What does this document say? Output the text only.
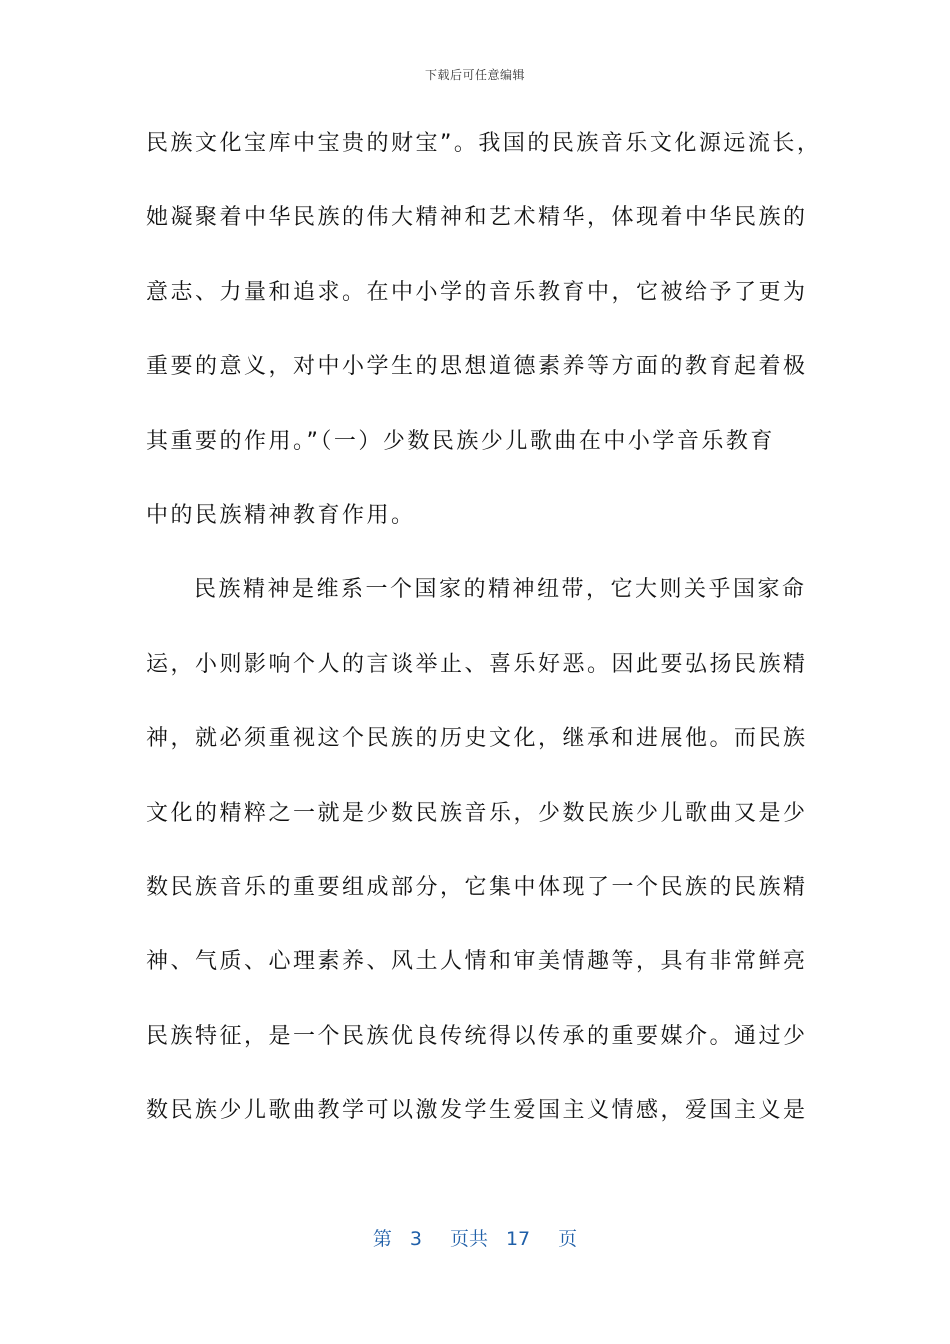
下载后可任意编辑
民族文化宝库中宝贵的财宝”。我国的民族音乐文化源远流长，
她凝聚着中华民族的伟大精神和艺术精华，体现着中华民族的
意志、力量和追求。在中小学的音乐教育中，它被给予了更为
重要的意义，对中小学生的思想道德素养等方面的教育起着极
其重要的作用。”（一）少数民族少儿歌曲在中小学音乐教育
中的民族精神教育作用。
民族精神是维系一个国家的精神纽带，它大则关乎国家命
运，小则影响个人的言谈举止、喜乐好恶。因此要弘扬民族精
神，就必须重视这个民族的历史文化，继承和进展他。而民族
文化的精粹之一就是少数民族音乐，少数民族少儿歌曲又是少
数民族音乐的重要组成部分，它集中体现了一个民族的民族精
神、气质、心理素养、风土人情和审美情趣等，具有非常鲜亮
民族特征，是一个民族优良传统得以传承的重要媒介。通过少
数民族少儿歌曲教学可以激发学生爱国主义情感，爱国主义是
第 3 页共 17 页
